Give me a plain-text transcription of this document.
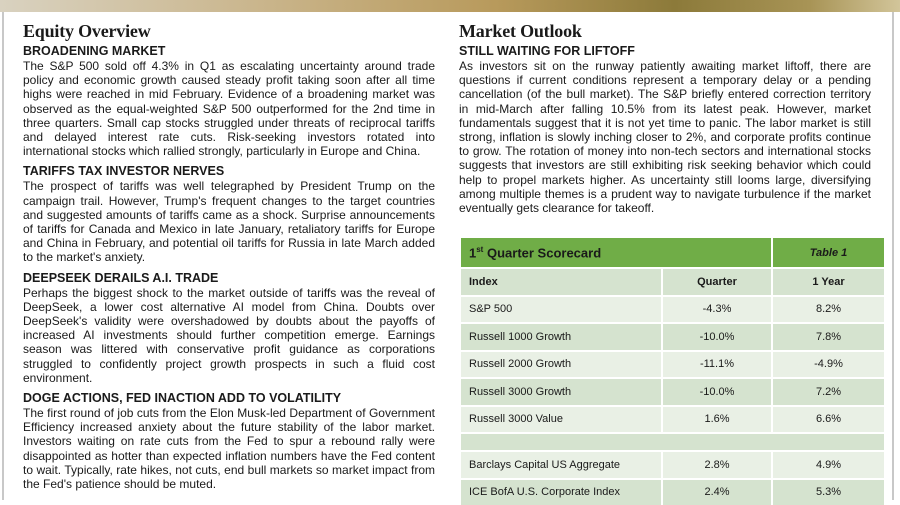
Equity Overview
BROADENING MARKET

The S&P 500 sold off 4.3% in Q1 as escalating uncertainty around trade policy and economic growth caused steady profit taking soon after all time highs were reached in mid February. Evidence of a broadening market was observed as the equal-weighted S&P 500 outperformed for the 2nd time in three quarters. Small cap stocks struggled under threats of reciprocal tariffs and delayed interest rate cuts. Risk-seeking investors rotated into international stocks which rallied strongly, particularly in Europe and China.

TARIFFS TAX INVESTOR NERVES

The prospect of tariffs was well telegraphed by President Trump on the campaign trail. However, Trump's frequent changes to the target countries and suggested amounts of tariffs came as a shock. Surprise announcements of tariffs for Canada and Mexico in late January, retaliatory tariffs for Europe and China in February, and potential oil tariffs for Russia in late March added to the market's anxiety.

DEEPSEEK DERAILS A.I. TRADE

Perhaps the biggest shock to the market outside of tariffs was the reveal of DeepSeek, a lower cost alternative AI model from China. Doubts over DeepSeek's validity were overshadowed by doubts about the payoffs of increased AI investments should further competition emerge. Earnings season was littered with conservative profit guidance as corporations struggled to confidently project growth prospects in such a fluid cost environment.

DOGE ACTIONS, FED INACTION ADD TO VOLATILITY

The first round of job cuts from the Elon Musk-led Department of Government Efficiency increased anxiety about the future stability of the labor market. Investors waiting on rate cuts from the Fed to spur a rebound rally were disappointed as hotter than expected inflation numbers have the Fed content to wait. Typically, rate hikes, not cuts, end bull markets so market impact from the Fed's patience should be muted.

Market Outlook
STILL WAITING FOR LIFTOFF

As investors sit on the runway patiently awaiting market liftoff, there are questions if current conditions represent a temporary delay or a pending cancellation (of the bull market). The S&P briefly entered correction territory in mid-March after falling 10.5% from its latest peak. However, market fundamentals suggest that it is not yet time to panic. The labor market is still strong, inflation is slowly inching closer to 2%, and corporate profits continue to grow. The rotation of money into non-tech sectors and international stocks suggests that investors are still exhibiting risk seeking behavior which could help to propel markets higher. As uncertainty still looms large, diversifying among multiple themes is a prudent way to navigate turbulence if the market eventually gets clearance for takeoff.

1st Quarter Scorecard		Table 1
Index	Quarter	1 Year
S&P 500	-4.3%	8.2%
Russell 1000 Growth	-10.0%	7.8%
Russell 2000 Growth	-11.1%	-4.9%
Russell 3000 Growth	-10.0%	7.2%
Russell 3000 Value	1.6%	6.6%

Barclays Capital US Aggregate	2.8%	4.9%
ICE BofA U.S. Corporate Index	2.4%	5.3%
